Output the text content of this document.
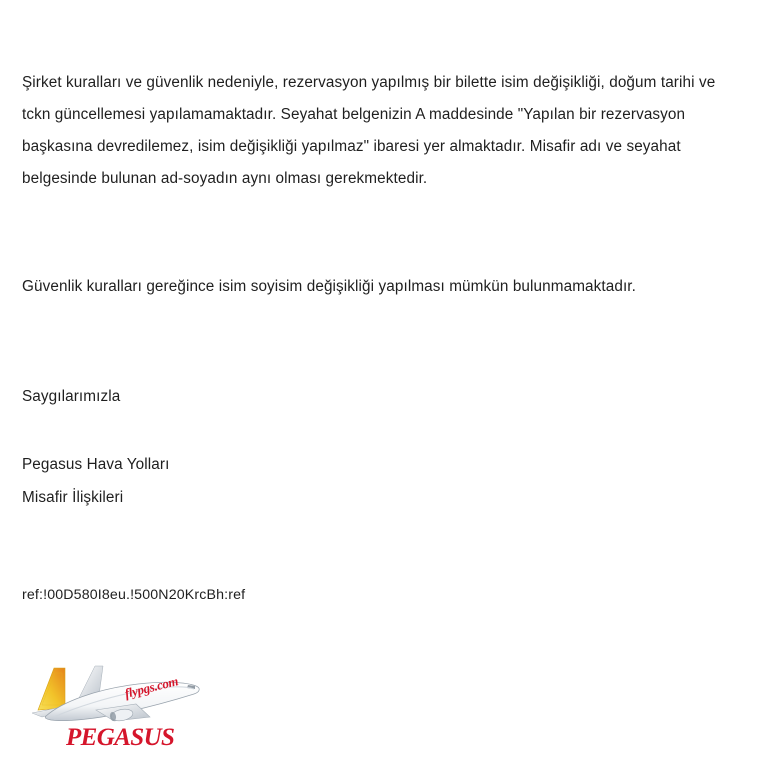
Şirket kuralları ve güvenlik nedeniyle, rezervasyon yapılmış bir bilette isim değişikliği, doğum tarihi ve tckn güncellemesi yapılamamaktadır. Seyahat belgenizin A maddesinde "Yapılan bir rezervasyon başkasına devredilemez, isim değişikliği yapılmaz" ibaresi yer almaktadır. Misafir adı ve seyahat belgesinde bulunan ad-soyadın aynı olması gerekmektedir.

Güvenlik kuralları gereğince isim soyisim değişikliği yapılması mümkün bulunmamaktadır.

Saygılarımızla
Pegasus Hava Yolları
Misafir İlişkileri
ref:!00D580I8eu.!500N20KrcBh:ref
flypgs.com
PEGASUS
